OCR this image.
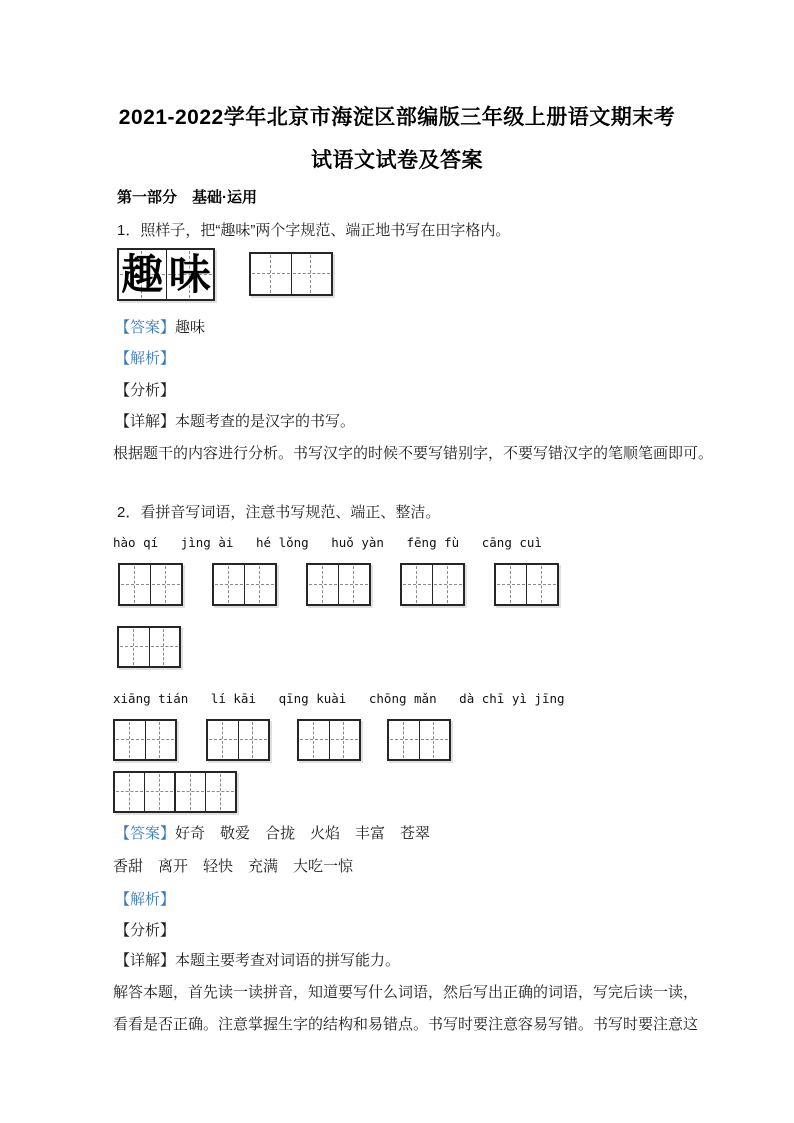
2021-2022学年北京市海淀区部编版三年级上册语文期末考
试语文试卷及答案
第一部分　基础·运用
1．照样子，把“趣味”两个字规范、端正地书写在田字格内。
趣 味
【答案】趣味
【解析】
【分析】
【详解】本题考查的是汉字的书写。
根据题干的内容进行分析。书写汉字的时候不要写错别字，不要写错汉字的笔顺笔画即可。
2．看拼音写词语，注意书写规范、端正、整洁。
hào qí   jìng ài   hé lǒng   huǒ yàn   fēng fù   cāng cuì
xiāng tián   lí kāi   qīng kuài   chōng mǎn   dà chī yì jīng
【答案】好奇　敬爱　合拢　火焰　丰富　苍翠
香甜　离开　轻快　充满　大吃一惊
【解析】
【分析】
【详解】本题主要考查对词语的拼写能力。
解答本题，首先读一读拼音，知道要写什么词语，然后写出正确的词语，写完后读一读，
看看是否正确。注意掌握生字的结构和易错点。书写时要注意容易写错。书写时要注意这
